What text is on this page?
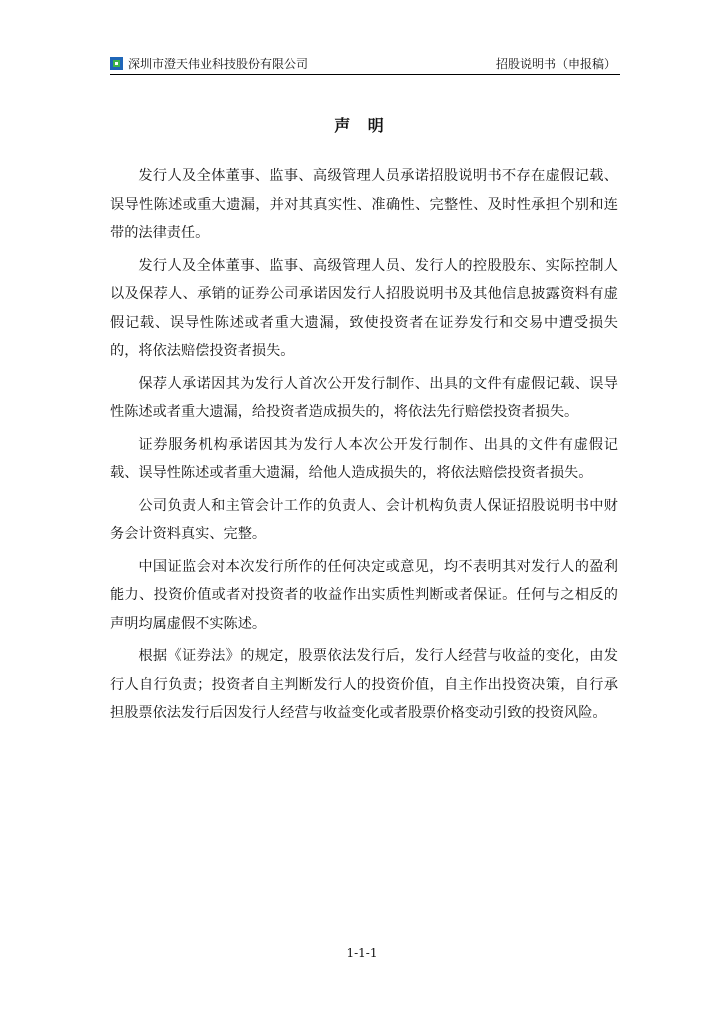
深圳市澄天伟业科技股份有限公司	招股说明书（申报稿）
声 明

发行人及全体董事、监事、高级管理人员承诺招股说明书不存在虚假记载、误导性陈述或重大遗漏，并对其真实性、准确性、完整性、及时性承担个别和连带的法律责任。

发行人及全体董事、监事、高级管理人员、发行人的控股股东、实际控制人以及保荐人、承销的证券公司承诺因发行人招股说明书及其他信息披露资料有虚假记载、误导性陈述或者重大遗漏，致使投资者在证券发行和交易中遭受损失的，将依法赔偿投资者损失。

保荐人承诺因其为发行人首次公开发行制作、出具的文件有虚假记载、误导性陈述或者重大遗漏，给投资者造成损失的，将依法先行赔偿投资者损失。

证券服务机构承诺因其为发行人本次公开发行制作、出具的文件有虚假记载、误导性陈述或者重大遗漏，给他人造成损失的，将依法赔偿投资者损失。

公司负责人和主管会计工作的负责人、会计机构负责人保证招股说明书中财务会计资料真实、完整。

中国证监会对本次发行所作的任何决定或意见，均不表明其对发行人的盈利能力、投资价值或者对投资者的收益作出实质性判断或者保证。任何与之相反的声明均属虚假不实陈述。

根据《证券法》的规定，股票依法发行后，发行人经营与收益的变化，由发行人自行负责；投资者自主判断发行人的投资价值，自主作出投资决策，自行承担股票依法发行后因发行人经营与收益变化或者股票价格变动引致的投资风险。

1-1-1
